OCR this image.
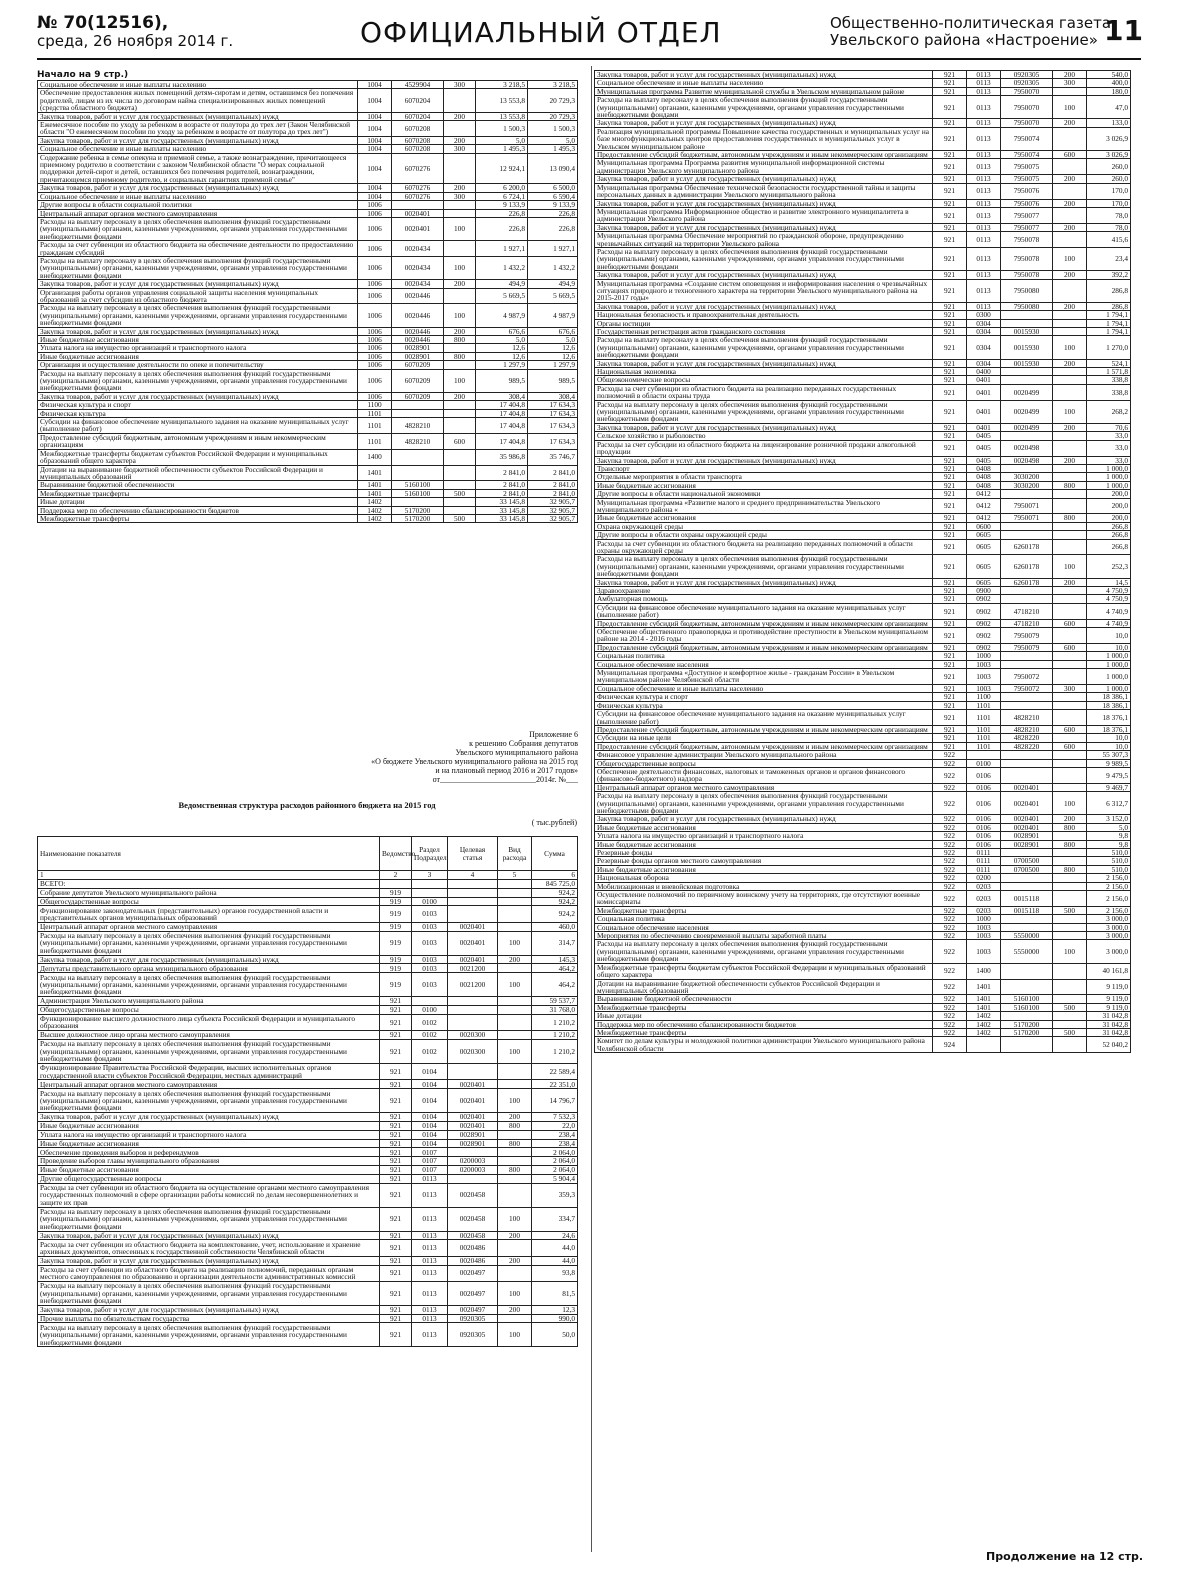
№ 70(12516),
среда, 26 ноября 2014 г.	ОФИЦИАЛЬНЫЙ ОТДЕЛ	Общественно-политическая газета
Увельского района «Настроение» 11
Начало на 9 стр.)
Социальное обеспечение и иные выплаты населению	1004	4529904	300	3 218,5	3 218,5
Обеспечение предоставления жилых помещений детям-сиротам и детям, оставшимся без попечения родителей, лицам из их числа по договорам найма специализированных жилых помещений (средства областного бюджета)	1004	6070204		13 553,8	20 729,3
Закупка товаров, работ и услуг для государственных (муниципальных) нужд	1004	6070204	200	13 553,8	20 729,3
Ежемесячное пособие по уходу за ребенком в возрасте от полутора до трех лет (Закон Челябинской области "О ежемесячном пособии по уходу за ребенком в возрасте от полутора до трех лет")	1004	6070208		1 500,3	1 500,3
Закупка товаров, работ и услуг для государственных (муниципальных) нужд	1004	6070208	200	5,0	5,0
Социальное обеспечение и иные выплаты населению	1004	6070208	300	1 495,3	1 495,3
Содержание ребенка в семье опекуна и приемной семье, а также вознаграждение, причитающееся приемному родителю в соответствии с законом Челябинской области "О мерах социальной поддержки детей-сирот и детей, оставшихся без попечения родителей, вознаграждении, причитающемся приемному родителю, и социальных гарантиях приемной семье"	1004	6070276		12 924,1	13 090,4
Закупка товаров, работ и услуг для государственных (муниципальных) нужд	1004	6070276	200	6 200,0	6 500,0
Социальное обеспечение и иные выплаты населению	1004	6070276	300	6 724,1	6 590,4
Другие вопросы в области социальной политики	1006			9 133,9	9 133,9
Центральный аппарат органов местного самоуправления	1006	0020401		226,8	226,8
Расходы на выплату персоналу в целях обеспечения выполнения функций государственными (муниципальными) органами, казенными учреждениями, органами управления государственными внебюджетными фондами	1006	0020401	100	226,8	226,8
Расходы за счет субвенции из областного бюджета на обеспечение деятельности по предоставлению гражданам субсидий	1006	0020434		1 927,1	1 927,1
Расходы на выплату персоналу в целях обеспечения выполнения функций государственными (муниципальными) органами, казенными учреждениями, органами управления государственными внебюджетными фондами	1006	0020434	100	1 432,2	1 432,2
Закупка товаров, работ и услуг для государственных (муниципальных) нужд	1006	0020434	200	494,9	494,9
Организация работы органов управления социальной защиты населения муниципальных образований за счет субсидии из областного бюджета	1006	0020446		5 669,5	5 669,5
Расходы на выплату персоналу в целях обеспечения выполнения функций государственными (муниципальными) органами, казенными учреждениями, органами управления государственными внебюджетными фондами	1006	0020446	100	4 987,9	4 987,9
Закупка товаров, работ и услуг для государственных (муниципальных) нужд	1006	0020446	200	676,6	676,6
Иные бюджетные ассигнования	1006	0020446	800	5,0	5,0
Уплата налога на имущество организаций и транспортного налога	1006	0028901		12,6	12,6
Иные бюджетные ассигнования	1006	0028901	800	12,6	12,6
Организация и осуществление деятельности по опеке и попечительству	1006	6070209		1 297,9	1 297,9
Расходы на выплату персоналу в целях обеспечения выполнения функций государственными (муниципальными) органами, казенными учреждениями, органами управления государственными внебюджетными фондами	1006	6070209	100	989,5	989,5
Закупка товаров, работ и услуг для государственных (муниципальных) нужд	1006	6070209	200	308,4	308,4
Физическая культура и спорт	1100			17 404,8	17 634,3
Физическая культура	1101			17 404,8	17 634,3
Субсидии на финансовое обеспечение муниципального задания на оказание муниципальных услуг (выполнение работ)	1101	4828210		17 404,8	17 634,3
Предоставление субсидий бюджетным, автономным учреждениям и иным некоммерческим организациям	1101	4828210	600	17 404,8	17 634,3
Межбюджетные трансферты бюджетам субъектов Российской Федерации и муниципальных образований общего характера	1400			35 986,8	35 746,7
Дотации на выравнивание бюджетной обеспеченности субъектов Российской Федерации и муниципальных образований	1401			2 841,0	2 841,0
Выравнивание бюджетной обеспеченности	1401	5160100		2 841,0	2 841,0
Межбюджетные трансферты	1401	5160100	500	2 841,0	2 841,0
Иные дотации	1402			33 145,8	32 905,7
Поддержка мер по обеспечению сбалансированности бюджетов	1402	5170200		33 145,8	32 905,7
Межбюджетные трансферты	1402	5170200	500	33 145,8	32 905,7
Приложение 6
к решению Собрания депутатов
Увельского муниципального района
«О бюджете Увельского муниципального района на 2015 год
и на плановый период 2016 и 2017 годов»
от________________________2014г. №___
Ведомственная структура расходов районного бюджета на 2015 год
( тыс.рублей)
Наименование показателя	Ведомство	Раздел Подраздел	Целевая статья	Вид расхода	Сумма
1	2	3	4	5	6
ВСЕГО:					845 725,0
Собрание депутатов Увельского муниципального района	919				924,2
Общегосударственные вопросы	919	0100			924,2
Функционирование законодательных (представительных) органов государственной власти и представительных органов муниципальных образований	919	0103			924,2
Центральный аппарат органов местного самоуправления	919	0103	0020401		460,0
Расходы на выплату персоналу в целях обеспечения выполнения функций государственными (муниципальными) органами, казенными учреждениями, органами управления государственными внебюджетными фондами	919	0103	0020401	100	314,7
Закупка товаров, работ и услуг для государственных (муниципальных) нужд	919	0103	0020401	200	145,3
Депутаты представительного органа муниципального образования	919	0103	0021200		464,2
Расходы на выплату персоналу в целях обеспечения выполнения функций государственными (муниципальными) органами, казенными учреждениями, органами управления государственными внебюджетными фондами	919	0103	0021200	100	464,2
Администрация Увельского муниципального района	921				59 537,7
Общегосударственные вопросы	921	0100			31 768,0
Функционирование высшего должностного лица субъекта Российской Федерации и муниципального образования	921	0102			1 210,2
Высшее должностное лицо органа местного самоуправления	921	0102	0020300		1 210,2
Расходы на выплату персоналу в целях обеспечения выполнения функций государственными (муниципальными) органами, казенными учреждениями, органами управления государственными внебюджетными фондами	921	0102	0020300	100	1 210,2
Функционирование Правительства Российской Федерации, высших исполнительных органов государственной власти субъектов Российской Федерации, местных администраций	921	0104			22 589,4
Центральный аппарат органов местного самоуправления	921	0104	0020401		22 351,0
Расходы на выплату персоналу в целях обеспечения выполнения функций государственными (муниципальными) органами, казенными учреждениями, органами управления государственными внебюджетными фондами	921	0104	0020401	100	14 796,7
Закупка товаров, работ и услуг для государственных (муниципальных) нужд	921	0104	0020401	200	7 532,3
Иные бюджетные ассигнования	921	0104	0020401	800	22,0
Уплата налога на имущество организаций и транспортного налога	921	0104	0028901		238,4
Иные бюджетные ассигнования	921	0104	0028901	800	238,4
Обеспечение проведения выборов и референдумов	921	0107			2 064,0
Проведение выборов главы муниципального образования	921	0107	0200003		2 064,0
Иные бюджетные ассигнования	921	0107	0200003	800	2 064,0
Другие общегосударственные вопросы	921	0113			5 904,4
Расходы за счет субвенции из областного бюджета на осуществление органами местного самоуправления государственных полномочий в сфере организации работы комиссий по делам несовершеннолетних и защите их прав	921	0113	0020458		359,3
Расходы на выплату персоналу в целях обеспечения выполнения функций государственными (муниципальными) органами, казенными учреждениями, органами управления государственными внебюджетными фондами	921	0113	0020458	100	334,7
Закупка товаров, работ и услуг для государственных (муниципальных) нужд	921	0113	0020458	200	24,6
Расходы за счет субвенции из областного бюджета на комплектование, учет, использование и хранение архивных документов, отнесенных к государственной собственности Челябинской области	921	0113	0020486		44,0
Закупка товаров, работ и услуг для государственных (муниципальных) нужд	921	0113	0020486	200	44,0
Расходы за счет субвенции из областного бюджета на реализацию полномочий, переданных органам местного самоуправления по образованию и организации деятельности административных комиссий	921	0113	0020497		93,8
Расходы на выплату персоналу в целях обеспечения выполнения функций государственными (муниципальными) органами, казенными учреждениями, органами управления государственными внебюджетными фондами	921	0113	0020497	100	81,5
Закупка товаров, работ и услуг для государственных (муниципальных) нужд	921	0113	0020497	200	12,3
Прочие выплаты по обязательствам государства	921	0113	0920305		990,0
Расходы на выплату персоналу в целях обеспечения выполнения функций государственными (муниципальными) органами, казенными учреждениями, органами управления государственными внебюджетными фондами	921	0113	0920305	100	50,0
Закупка товаров, работ и услуг для государственных (муниципальных) нужд	921	0113	0920305	200	540,0
Социальное обеспечение и иные выплаты населению	921	0113	0920305	300	400,0
Муниципальная программа Развитие муниципальной службы в Увельском муниципальном районе	921	0113	7950070		180,0
Расходы на выплату персоналу в целях обеспечения выполнения функций государственными (муниципальными) органами, казенными учреждениями, органами управления государственными внебюджетными фондами	921	0113	7950070	100	47,0
Закупка товаров, работ и услуг для государственных (муниципальных) нужд	921	0113	7950070	200	133,0
Реализация муниципальной программы Повышение качества государственных и муниципальных услуг на базе многофункциональных центров предоставления государственных и муниципальных услуг в Увельском муниципальном районе	921	0113	7950074		3 026,9
Предоставление субсидий бюджетным, автономным учреждениям и иным некоммерческим организациям	921	0113	7950074	600	3 026,9
Муниципальная программа Программа развития муниципальной информационной системы администрации Увельского муниципального района	921	0113	7950075		260,0
Закупка товаров, работ и услуг для государственных (муниципальных) нужд	921	0113	7950075	200	260,0
Муниципальная программа Обеспечение технической безопасности государственной тайны и защиты персональных данных в администрации Увельского муниципального района	921	0113	7950076		170,0
Закупка товаров, работ и услуг для государственных (муниципальных) нужд	921	0113	7950076	200	170,0
Муниципальная программа Информационное общество и развитие электронного муниципалитета в администрации Увельского района	921	0113	7950077		78,0
Закупка товаров, работ и услуг для государственных (муниципальных) нужд	921	0113	7950077	200	78,0
Муниципальная программа Обеспечение мероприятий по гражданской обороне, предупреждению чрезвычайных ситуаций на территории Увельского района	921	0113	7950078		415,6
Расходы на выплату персоналу в целях обеспечения выполнения функций государственными (муниципальными) органами, казенными учреждениями, органами управления государственными внебюджетными фондами	921	0113	7950078	100	23,4
Закупка товаров, работ и услуг для государственных (муниципальных) нужд	921	0113	7950078	200	392,2
Муниципальная программа «Создание систем оповещения и информирования населения о чрезвычайных ситуациях природного и техногенного характера на территории Увельского муниципального района на 2015-2017 годы»	921	0113	7950080		286,8
Закупка товаров, работ и услуг для государственных (муниципальных) нужд	921	0113	7950080	200	286,8
Национальная безопасность и правоохранительная деятельность	921	0300			1 794,1
Органы юстиции	921	0304			1 794,1
Государственная регистрация актов гражданского состояния	921	0304	0015930		1 794,1
Расходы на выплату персоналу в целях обеспечения выполнения функций государственными (муниципальными) органами, казенными учреждениями, органами управления государственными внебюджетными фондами	921	0304	0015930	100	1 270,0
Закупка товаров, работ и услуг для государственных (муниципальных) нужд	921	0304	0015930	200	524,1
Национальная экономика	921	0400			1 571,8
Общеэкономические вопросы	921	0401			338,8
Расходы за счет субвенции из областного бюджета на реализацию переданных государственных полномочий в области охраны труда	921	0401	0020499		338,8
Расходы на выплату персоналу в целях обеспечения выполнения функций государственными (муниципальными) органами, казенными учреждениями, органами управления государственными внебюджетными фондами	921	0401	0020499	100	268,2
Закупка товаров, работ и услуг для государственных (муниципальных) нужд	921	0401	0020499	200	70,6
Сельское хозяйство и рыболовство	921	0405			33,0
Расходы за счет субсидии из областного бюджета на лицензирование розничной продажи алкогольной продукции	921	0405	0020498		33,0
Закупка товаров, работ и услуг для государственных (муниципальных) нужд	921	0405	0020498	200	33,0
Транспорт	921	0408			1 000,0
Отдельные мероприятия в области транспорта	921	0408	3030200		1 000,0
Иные бюджетные ассигнования	921	0408	3030200	800	1 000,0
Другие вопросы в области национальной экономики	921	0412			200,0
Муниципальная программа «Развитие малого и среднего предпринимательства Увельского муниципального района «	921	0412	7950071		200,0
Иные бюджетные ассигнования	921	0412	7950071	800	200,0
Охрана окружающей среды	921	0600			266,8
Другие вопросы в области охраны окружающей среды	921	0605			266,8
Расходы за счет субвенции из областного бюджета на реализацию переданных полномочий в области охраны окружающей среды	921	0605	6260178		266,8
Расходы на выплату персоналу в целях обеспечения выполнения функций государственными (муниципальными) органами, казенными учреждениями, органами управления государственными внебюджетными фондами	921	0605	6260178	100	252,3
Закупка товаров, работ и услуг для государственных (муниципальных) нужд	921	0605	6260178	200	14,5
Здравоохранение	921	0900			4 750,9
Амбулаторная помощь	921	0902			4 750,9
Субсидии на финансовое обеспечение муниципального задания на оказание муниципальных услуг (выполнение работ)	921	0902	4718210		4 740,9
Предоставление субсидий бюджетным, автономным учреждениям и иным некоммерческим организациям	921	0902	4718210	600	4 740,9
Обеспечение общественного правопорядка и противодействие преступности в Увельском муниципальном районе на 2014 - 2016 годы	921	0902	7950079		10,0
Предоставление субсидий бюджетным, автономным учреждениям и иным некоммерческим организациям	921	0902	7950079	600	10,0
Социальная политика	921	1000			1 000,0
Социальное обеспечение населения	921	1003			1 000,0
Муниципальная программа «Доступное и комфортное жилье - гражданам России» в Увельском муниципальном районе Челябинской области	921	1003	7950072		1 000,0
Социальное обеспечение и иные выплаты населению	921	1003	7950072	300	1 000,0
Физическая культура и спорт	921	1100			18 386,1
Физическая культура	921	1101			18 386,1
Субсидии на финансовое обеспечение муниципального задания на оказание муниципальных услуг (выполнение работ)	921	1101	4828210		18 376,1
Предоставление субсидий бюджетным, автономным учреждениям и иным некоммерческим организациям	921	1101	4828210	600	18 376,1
Субсидии на иные цели	921	1101	4828220		10,0
Предоставление субсидий бюджетным, автономным учреждениям и иным некоммерческим организациям	921	1101	4828220	600	10,0
Финансовое управление администрации Увельского муниципального района	922				55 307,3
Общегосударственные вопросы	922	0100			9 989,5
Обеспечение деятельности финансовых, налоговых и таможенных органов и органов финансового (финансово-бюджетного) надзора	922	0106			9 479,5
Центральный аппарат органов местного самоуправления	922	0106	0020401		9 469,7
Расходы на выплату персоналу в целях обеспечения выполнения функций государственными (муниципальными) органами, казенными учреждениями, органами управления государственными внебюджетными фондами	922	0106	0020401	100	6 312,7
Закупка товаров, работ и услуг для государственных (муниципальных) нужд	922	0106	0020401	200	3 152,0
Иные бюджетные ассигнования	922	0106	0020401	800	5,0
Уплата налога на имущество организаций и транспортного налога	922	0106	0028901		9,8
Иные бюджетные ассигнования	922	0106	0028901	800	9,8
Резервные фонды	922	0111			510,0
Резервные фонды органов местного самоуправления	922	0111	0700500		510,0
Иные бюджетные ассигнования	922	0111	0700500	800	510,0
Национальная оборона	922	0200			2 156,0
Мобилизационная и вневойсковая подготовка	922	0203			2 156,0
Осуществление полномочий по первичному воинскому учету на территориях, где отсутствуют военные комиссариаты	922	0203	0015118		2 156,0
Межбюджетные трансферты	922	0203	0015118	500	2 156,0
Социальная политика	922	1000			3 000,0
Социальное обеспечение населения	922	1003			3 000,0
Мероприятия по обеспечению своевременной выплаты заработной платы	922	1003	5550000		3 000,0
Расходы на выплату персоналу в целях обеспечения выполнения функций государственными (муниципальными) органами, казенными учреждениями, органами управления государственными внебюджетными фондами	922	1003	5550000	100	3 000,0
Межбюджетные трансферты бюджетам субъектов Российской Федерации и муниципальных образований общего характера	922	1400			40 161,8
Дотации на выравнивание бюджетной обеспеченности субъектов Российской Федерации и муниципальных образований	922	1401			9 119,0
Выравнивание бюджетной обеспеченности	922	1401	5160100		9 119,0
Межбюджетные трансферты	922	1401	5160100	500	9 119,0
Иные дотации	922	1402			31 042,8
Поддержка мер по обеспечению сбалансированности бюджетов	922	1402	5170200		31 042,8
Межбюджетные трансферты	922	1402	5170200	500	31 042,8
Комитет по делам культуры и молодежной политики администрации Увельского муниципального района Челябинской области	924				52 040,2
Продолжение на 12 стр.
